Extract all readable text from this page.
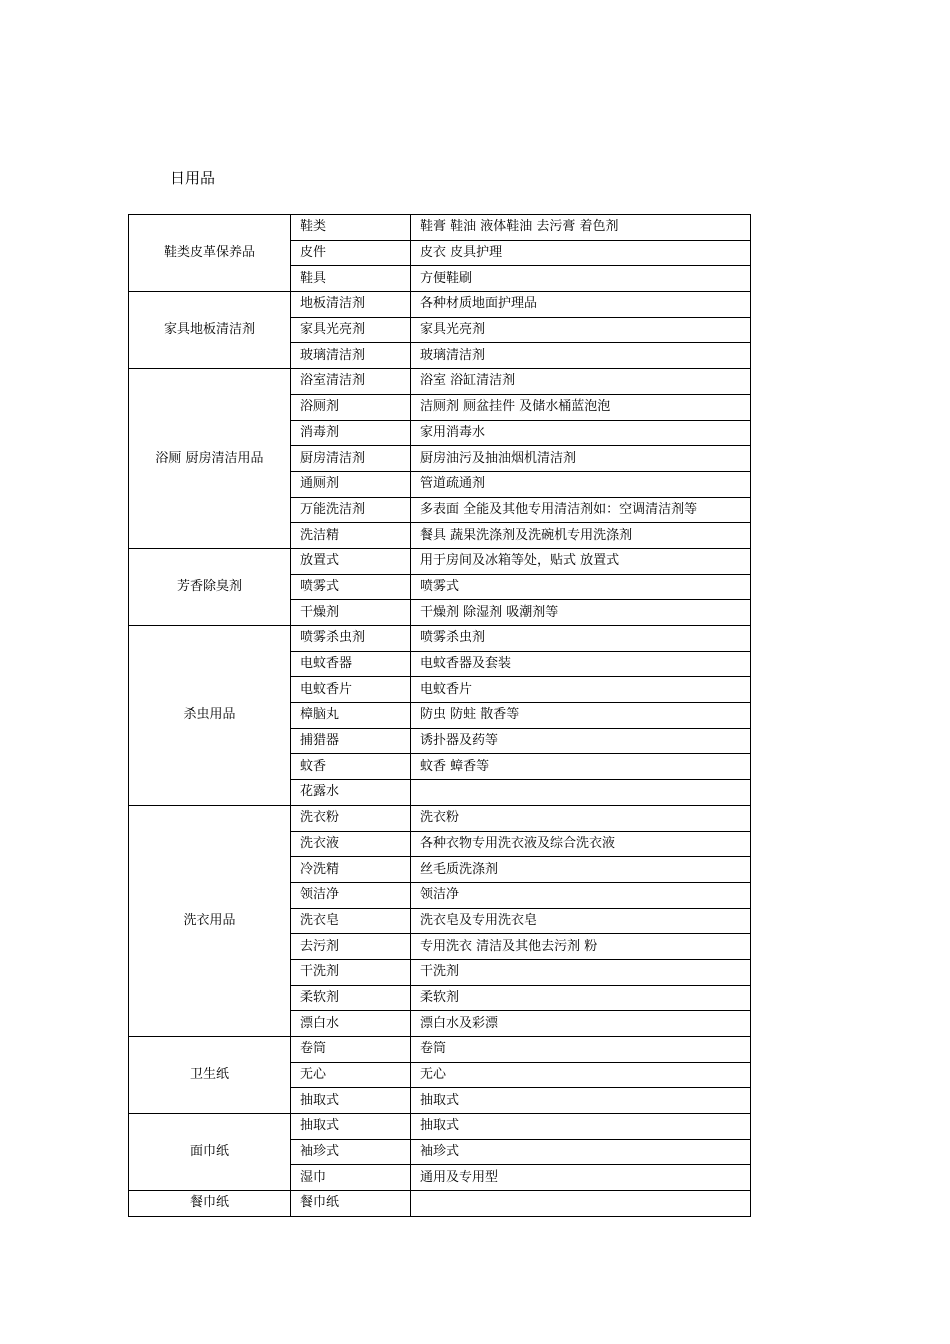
日用品
鞋类皮革保养品	鞋类	鞋膏 鞋油 液体鞋油 去污膏 着色剂
	皮件	皮衣 皮具护理
	鞋具	方便鞋刷
家具地板清洁剂	地板清洁剂	各种材质地面护理品
	家具光亮剂	家具光亮剂
	玻璃清洁剂	玻璃清洁剂
浴厕 厨房清洁用品	浴室清洁剂	浴室 浴缸清洁剂
	浴厕剂	洁厕剂 厕盆挂件 及储水桶蓝泡泡
	消毒剂	家用消毒水
	厨房清洁剂	厨房油污及抽油烟机清洁剂
	通厕剂	管道疏通剂
	万能洗洁剂	多表面 全能及其他专用清洁剂如：空调清洁剂等
	洗洁精	餐具 蔬果洗涤剂及洗碗机专用洗涤剂
芳香除臭剂	放置式	用于房间及冰箱等处，贴式 放置式
	喷雾式	喷雾式
	干燥剂	干燥剂 除湿剂 吸潮剂等
杀虫用品	喷雾杀虫剂	喷雾杀虫剂
	电蚊香器	电蚊香器及套装
	电蚊香片	电蚊香片
	樟脑丸	防虫 防蛀 散香等
	捕猎器	诱扑器及药等
	蚊香	蚊香 蟑香等
	花露水	
洗衣用品	洗衣粉	洗衣粉
	洗衣液	各种衣物专用洗衣液及综合洗衣液
	冷洗精	丝毛质洗涤剂
	领洁净	领洁净
	洗衣皂	洗衣皂及专用洗衣皂
	去污剂	专用洗衣 清洁及其他去污剂 粉
	干洗剂	干洗剂
	柔软剂	柔软剂
	漂白水	漂白水及彩漂
卫生纸	卷筒	卷筒
	无心	无心
	抽取式	抽取式
面巾纸	抽取式	抽取式
	袖珍式	袖珍式
	湿巾	通用及专用型
餐巾纸	餐巾纸	
